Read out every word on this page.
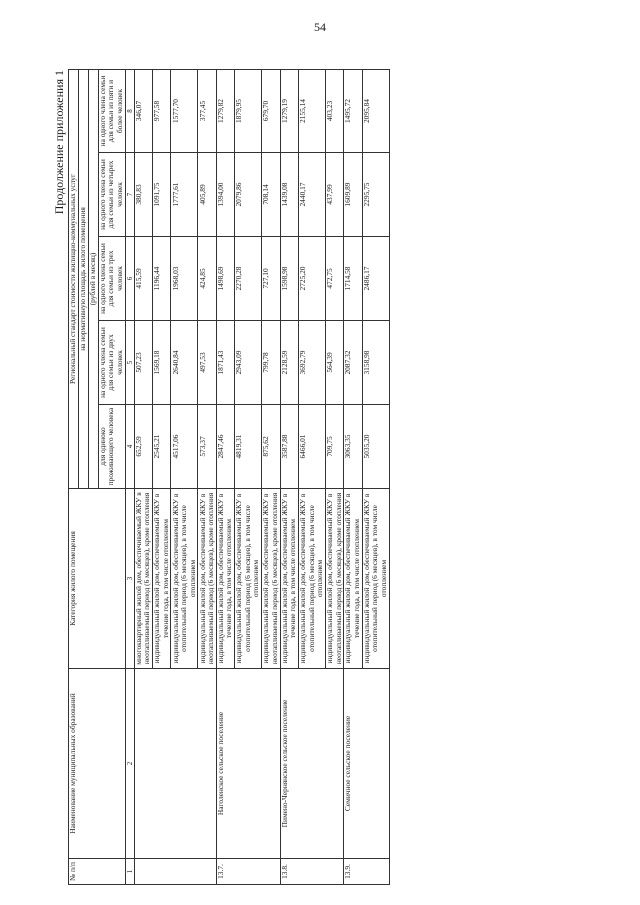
54
Продолжение приложения 1
№ п/п	Наименование муниципальных образований	Категория жилого помещения	Региональный стандарт стоимости жилищно-коммунальных услуг				
			на нормативную площадь жилого помещения				
			(рублей в месяц)				
			для одиноко проживающего человека	на одного члена семьи для семьи из двух человек	на одного члена семьи для семьи из трех человек	на одного члена семьи для семьи из четырех человек	на одного члена семьи для семьи из пяти и более человек
1	2	3	4	5	6	7	8
		многоквартирный жилой дом, обеспечиваемый ЖКУ в неотапливаемый период (6 месяцев), кроме отопления	652,59	507,23	415,59	380,83	346,07
		индивидуальный жилой дом, обеспечиваемый ЖКУ в течение года, в том числе отоплением	2545,21	1569,18	1196,44	1091,75	977,58
		индивидуальный жилой дом, обеспечиваемый ЖКУ в отопительный период (6 месяцев), в том числе отоплением	4517,06	2640,84	1968,03	1777,61	1577,70
		индивидуальный жилой дом, обеспечиваемый ЖКУ в неотапливаемый период (6 месяцев), кроме отопления	573,37	497,53	424,85	405,89	377,45
13.7.	Наголенское сельское поселение	индивидуальный жилой дом, обеспечиваемый ЖКУ в течение года, в том числе отоплением	2847,46	1871,43	1498,69	1394,00	1279,82
		индивидуальный жилой дом, обеспечиваемый ЖКУ в отопительный период (6 месяцев), в том числе отоплением	4819,31	2943,09	2270,28	2079,86	1879,95
		индивидуальный жилой дом, обеспечиваемый ЖКУ в неотапливаемый период (6 месяцев), кроме отопления	875,62	799,78	727,10	708,14	679,70
13.8.	Пимено-Чернянское сельское поселение	индивидуальный жилой дом, обеспечиваемый ЖКУ в течение года, в том числе отоплением	3587,88	2128,59	1598,98	1439,08	1279,19
		индивидуальный жилой дом, обеспечиваемый ЖКУ в отопительный период (6 месяцев), в том числе отоплением	6466,01	3692,79	2725,20	2440,17	2155,14
		индивидуальный жилой дом, обеспечиваемый ЖКУ в неотапливаемый период (6 месяцев), кроме отопления	709,75	564,39	472,75	437,99	403,23
13.9.	Семичное сельское поселение	индивидуальный жилой дом, обеспечиваемый ЖКУ в течение года, в том числе отоплением	3063,35	2087,32	1714,58	1609,89	1495,72
		индивидуальный жилой дом, обеспечиваемый ЖКУ в отопительный период (6 месяцев), в том числе отоплением	5035,20	3158,98	2486,17	2295,75	2095,84
